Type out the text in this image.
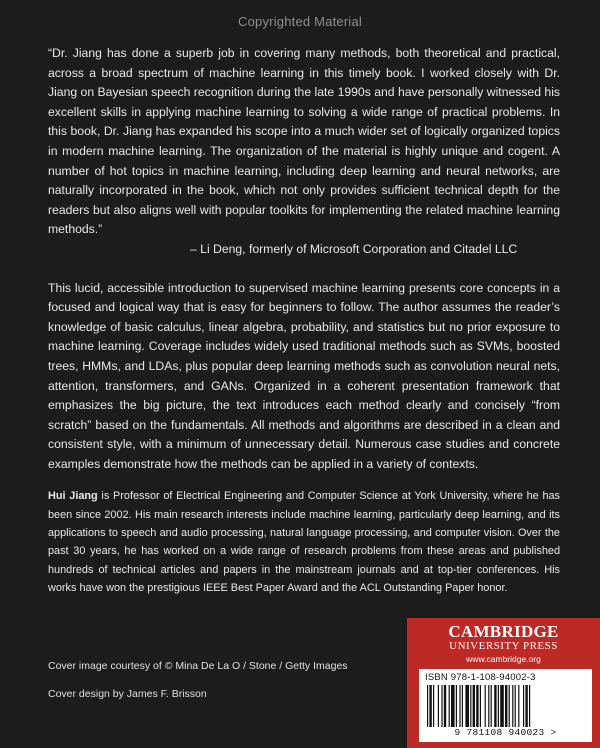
Copyrighted Material

“Dr. Jiang has done a superb job in covering many methods, both theoretical and practical, across a broad spectrum of machine learning in this timely book. I worked closely with Dr. Jiang on Bayesian speech recognition during the late 1990s and have personally witnessed his excellent skills in applying machine learning to solving a wide range of practical problems. In this book, Dr. Jiang has expanded his scope into a much wider set of logically organized topics in modern machine learning. The organization of the material is highly unique and cogent. A number of hot topics in machine learning, including deep learning and neural networks, are naturally incorporated in the book, which not only provides sufficient technical depth for the readers but also aligns well with popular toolkits for implementing the related machine learning methods.”

– Li Deng, formerly of Microsoft Corporation and Citadel LLC

This lucid, accessible introduction to supervised machine learning presents core concepts in a focused and logical way that is easy for beginners to follow. The author assumes the reader’s knowledge of basic calculus, linear algebra, probability, and statistics but no prior exposure to machine learning. Coverage includes widely used traditional methods such as SVMs, boosted trees, HMMs, and LDAs, plus popular deep learning methods such as convolution neural nets, attention, transformers, and GANs. Organized in a coherent presentation framework that emphasizes the big picture, the text introduces each method clearly and concisely “from scratch” based on the fundamentals. All methods and algorithms are described in a clean and consistent style, with a minimum of unnecessary detail. Numerous case studies and concrete examples demonstrate how the methods can be applied in a variety of contexts.

Hui Jiang is Professor of Electrical Engineering and Computer Science at York University, where he has been since 2002. His main research interests include machine learning, particularly deep learning, and its applications to speech and audio processing, natural language processing, and computer vision. Over the past 30 years, he has worked on a wide range of research problems from these areas and published hundreds of technical articles and papers in the mainstream journals and at top-tier conferences. His works have won the prestigious IEEE Best Paper Award and the ACL Outstanding Paper honor.

Cover image courtesy of © Mina De La O / Stone / Getty Images
Cover design by James F. Brisson
CAMBRIDGE
UNIVERSITY PRESS
www.cambridge.org
ISBN 978-1-108-94002-3
9 781108 940023 >
